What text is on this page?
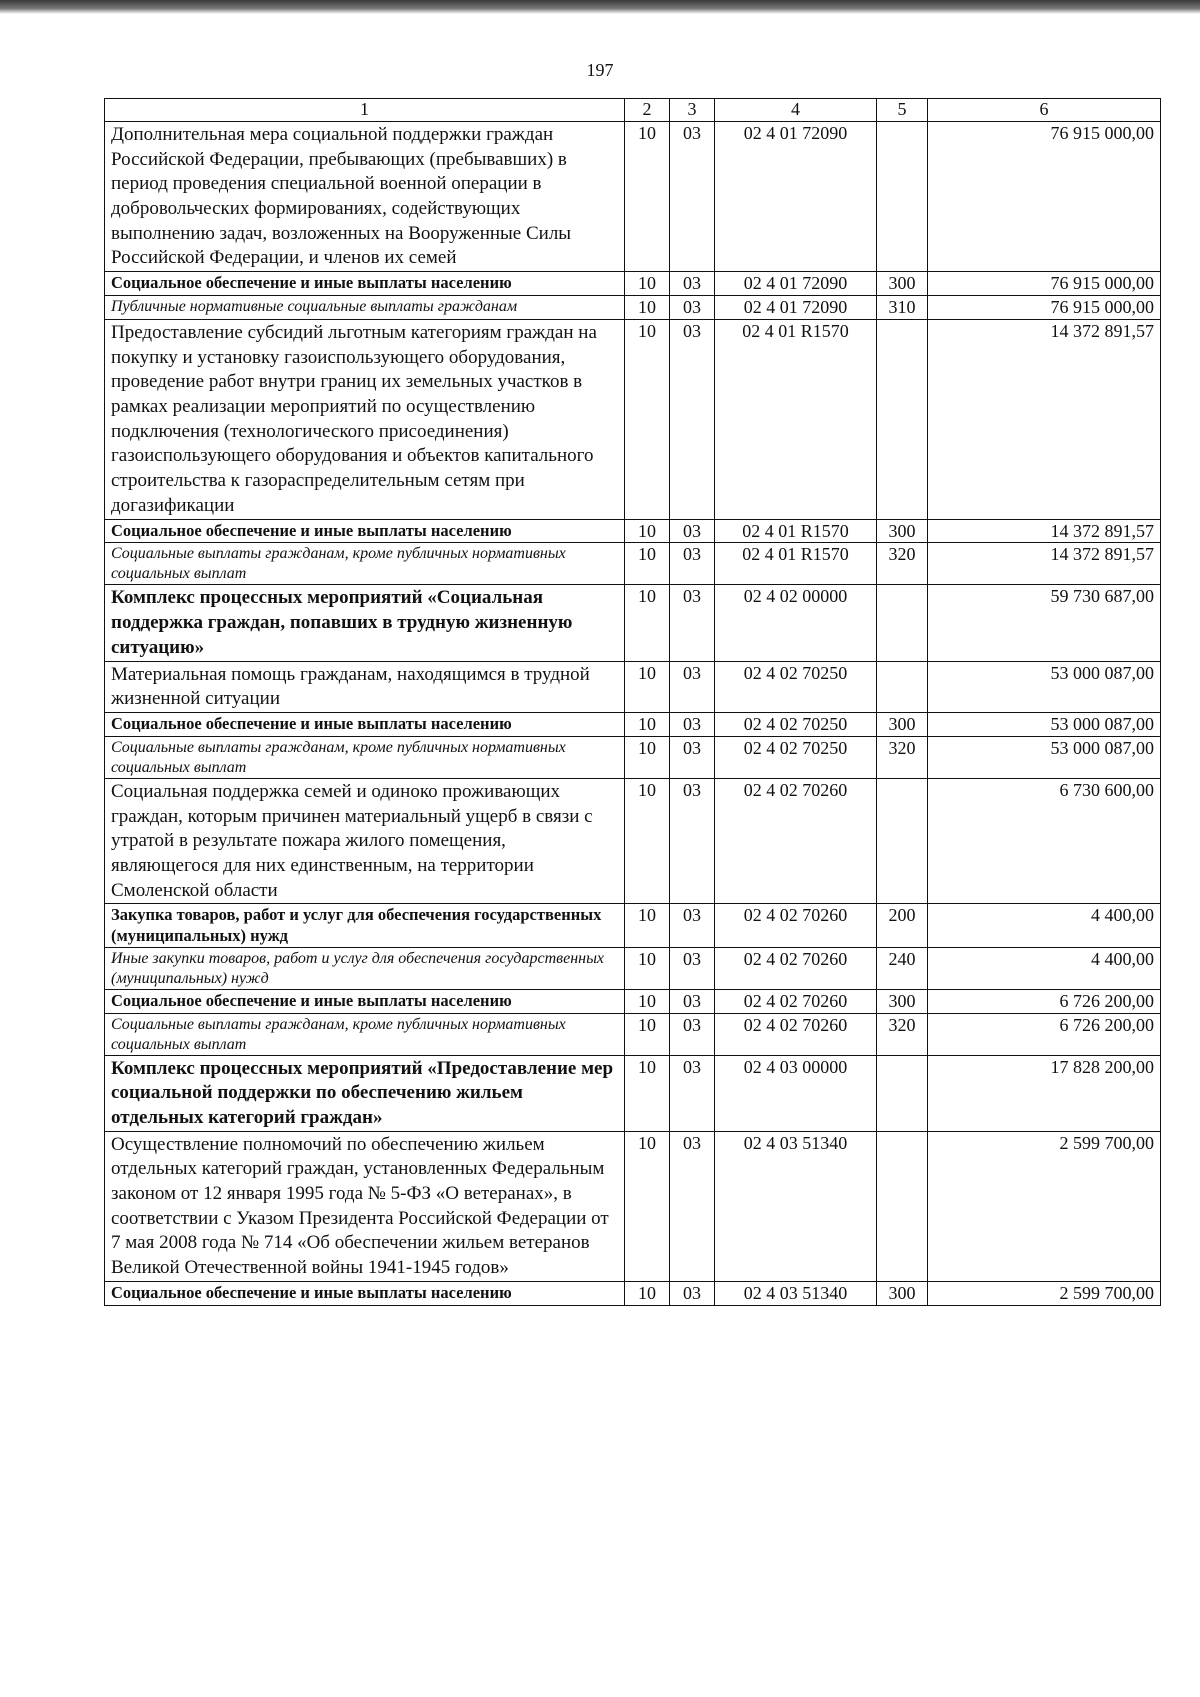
197
1	2	3	4	5	6
Дополнительная мера социальной поддержки граждан Российской Федерации, пребывающих (пребывавших) в период проведения специальной военной операции в добровольческих формированиях, содействующих выполнению задач, возложенных на Вооруженные Силы Российской Федерации, и членов их семей	10	03	02 4 01 72090		76 915 000,00
Социальное обеспечение и иные выплаты населению	10	03	02 4 01 72090	300	76 915 000,00
Публичные нормативные социальные выплаты гражданам	10	03	02 4 01 72090	310	76 915 000,00
Предоставление субсидий льготным категориям граждан на покупку и установку газоиспользующего оборудования, проведение работ внутри границ их земельных участков в рамках реализации мероприятий по осуществлению подключения (технологического присоединения) газоиспользующего оборудования и объектов капитального строительства к газораспределительным сетям при догазификации	10	03	02 4 01 R1570		14 372 891,57
Социальное обеспечение и иные выплаты населению	10	03	02 4 01 R1570	300	14 372 891,57
Социальные выплаты гражданам, кроме публичных нормативных социальных выплат	10	03	02 4 01 R1570	320	14 372 891,57
Комплекс процессных мероприятий «Социальная поддержка граждан, попавших в трудную жизненную ситуацию»	10	03	02 4 02 00000		59 730 687,00
Материальная помощь гражданам, находящимся в трудной жизненной ситуации	10	03	02 4 02 70250		53 000 087,00
Социальное обеспечение и иные выплаты населению	10	03	02 4 02 70250	300	53 000 087,00
Социальные выплаты гражданам, кроме публичных нормативных социальных выплат	10	03	02 4 02 70250	320	53 000 087,00
Социальная поддержка семей и одиноко проживающих граждан, которым причинен материальный ущерб в связи с утратой в результате пожара жилого помещения, являющегося для них единственным, на территории Смоленской области	10	03	02 4 02 70260		6 730 600,00
Закупка товаров, работ и услуг для обеспечения государственных (муниципальных) нужд	10	03	02 4 02 70260	200	4 400,00
Иные закупки товаров, работ и услуг для обеспечения государственных (муниципальных) нужд	10	03	02 4 02 70260	240	4 400,00
Социальное обеспечение и иные выплаты населению	10	03	02 4 02 70260	300	6 726 200,00
Социальные выплаты гражданам, кроме публичных нормативных социальных выплат	10	03	02 4 02 70260	320	6 726 200,00
Комплекс процессных мероприятий «Предоставление мер социальной поддержки по обеспечению жильем отдельных категорий граждан»	10	03	02 4 03 00000		17 828 200,00
Осуществление полномочий по обеспечению жильем отдельных категорий граждан, установленных Федеральным законом от 12 января 1995 года № 5-ФЗ «О ветеранах», в соответствии с Указом Президента Российской Федерации от 7 мая 2008 года № 714 «Об обеспечении жильем ветеранов Великой Отечественной войны 1941-1945 годов»	10	03	02 4 03 51340		2 599 700,00
Социальное обеспечение и иные выплаты населению	10	03	02 4 03 51340	300	2 599 700,00
